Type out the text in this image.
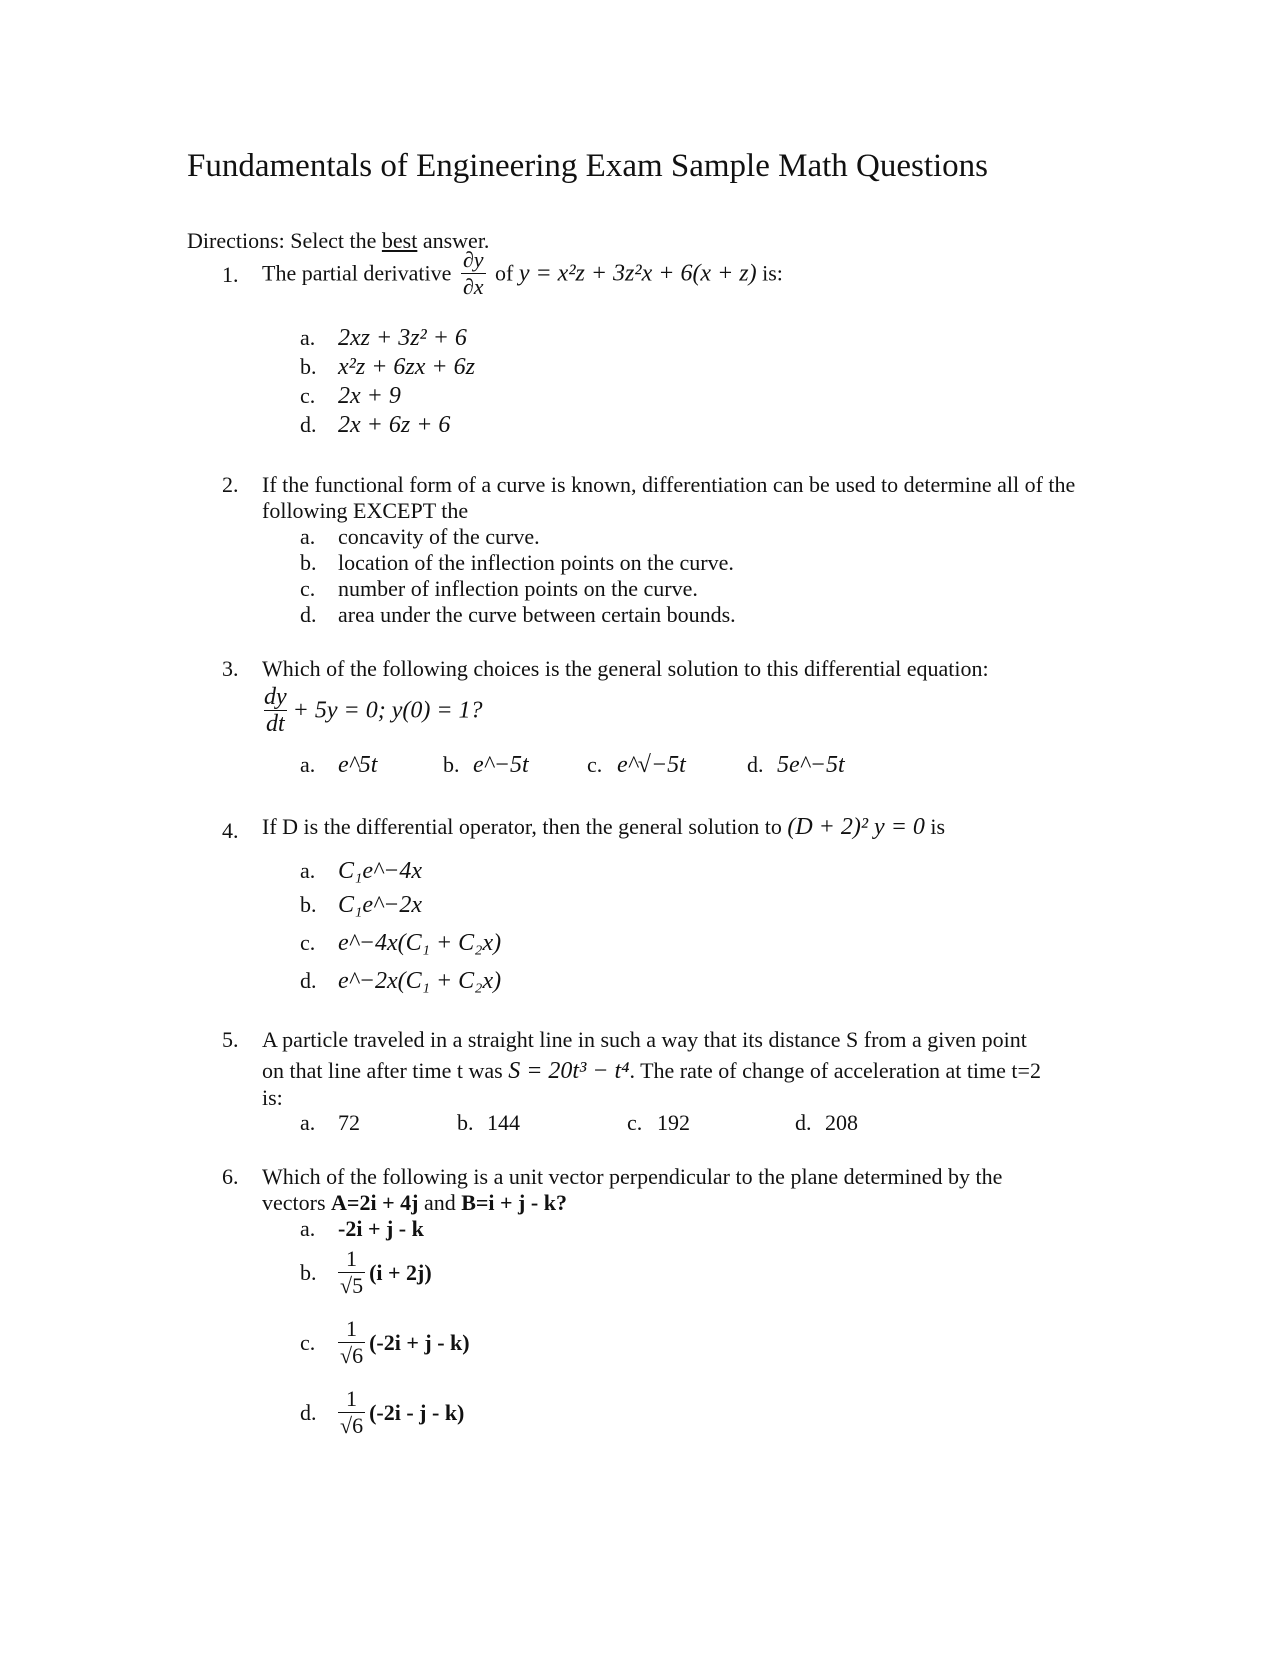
Fundamentals of Engineering Exam Sample Math Questions
Directions: Select the best answer.
1.	The partial derivative $\frac{\partial y}{\partial x}$ of y = x²z + 3z²x + 6(x + z) is:
a. 2xz + 3z² + 6
b. x²z + 6zx + 6z
c. 2x + 9
d. 2x + 6z + 6
2.	If the functional form of a curve is known, differentiation can be used to determine all of the following EXCEPT the
a. concavity of the curve.
b. location of the inflection points on the curve.
c. number of inflection points on the curve.
d. area under the curve between certain bounds.
3.	Which of the following choices is the general solution to this differential equation:
$\frac{dy}{dt} + 5y = 0$; y(0) = 1?
a. e^5t	b. e^−5t	c. e^√−5t	d. 5e^−5t
4.	If D is the differential operator, then the general solution to (D + 2)² y = 0 is
a. C₁e^−4x
b. C₁e^−2x
c. e^−4x(C₁ + C₂x)
d. e^−2x(C₁ + C₂x)
5.	A particle traveled in a straight line in such a way that its distance S from a given point
on that line after time t was S = 20t³ − t⁴. The rate of change of acceleration at time t=2
is:
a. 72	b. 144	c. 192	d. 208
6.	Which of the following is a unit vector perpendicular to the plane determined by the
vectors A=2i + 4j and B=i + j - k?
a. -2i + j - k
b. $\frac{1}{√5} (i + 2j)$
c.	$\frac{1}{√6} (-2i + j - k)$
d. $\frac{1}{√6} (-2i$ - j - k)
